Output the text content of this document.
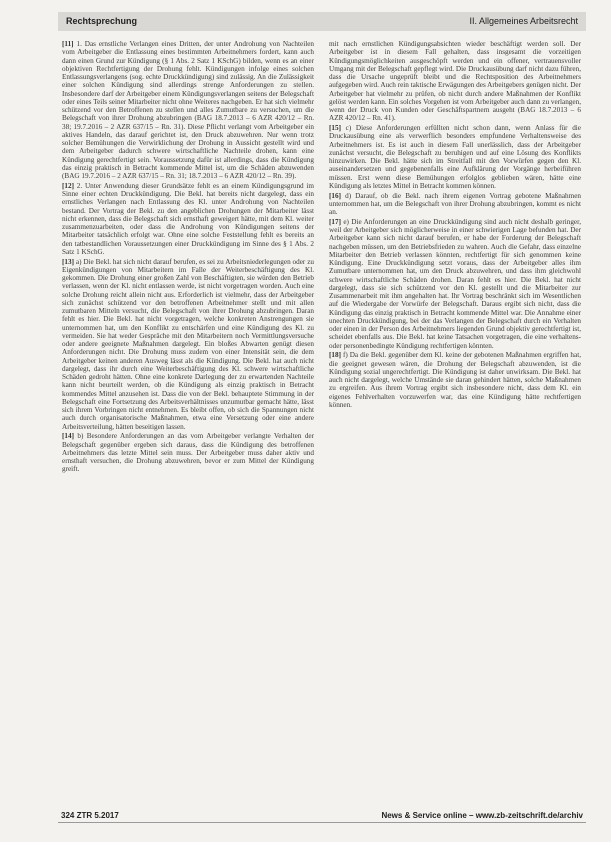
Rechtsprechung	II. Allgemeines Arbeitsrecht

[11] 1. Das ernstliche Verlangen eines Dritten, der unter Androhung von Nachteilen vom Arbeitgeber die Entlassung eines bestimmten Arbeitnehmers fordert, kann auch dann einen Grund zur Kündigung (§ 1 Abs. 2 Satz 1 KSchG) bilden, wenn es an einer objektiven Rechtfertigung der Drohung fehlt. Kündigungen infolge eines solchen Entlassungsverlangens (sog. echte Druckkündigung) sind zulässig. An die Zulässigkeit einer solchen Kündigung sind allerdings strenge Anforderungen zu stellen. Insbesondere darf der Arbeitgeber einem Kündigungsverlangen seitens der Belegschaft oder eines Teils seiner Mitarbeiter nicht ohne Weiteres nachgeben. Er hat sich vielmehr schützend vor den Betroffenen zu stellen und alles Zumutbare zu versuchen, um die Belegschaft von ihrer Drohung abzubringen (BAG 18.7.2013 – 6 AZR 420/12 – Rn. 38; 19.7.2016 – 2 AZR 637/15 – Rn. 31). Diese Pflicht verlangt vom Arbeitgeber ein aktives Handeln, das darauf gerichtet ist, den Druck abzuwehren. Nur wenn trotz solcher Bemühungen die Verwirklichung der Drohung in Aussicht gestellt wird und dem Arbeitgeber dadurch schwere wirtschaftliche Nachteile drohen, kann eine Kündigung gerechtfertigt sein. Voraussetzung dafür ist allerdings, dass die Kündigung das einzig praktisch in Betracht kommende Mittel ist, um die Schäden abzuwenden (BAG 19.7.2016 – 2 AZR 637/15 – Rn. 31; 18.7.2013 – 6 AZR 420/12 – Rn. 39).

[12] 2. Unter Anwendung dieser Grundsätze fehlt es an einem Kündigungsgrund im Sinne einer echten Druckkündigung. Die Bekl. hat bereits nicht dargelegt, dass ein ernstliches Verlangen nach Entlassung des Kl. unter Androhung von Nachteilen bestand. Der Vortrag der Bekl. zu den angeblichen Drohungen der Mitarbeiter lässt nicht erkennen, dass die Belegschaft sich ernsthaft geweigert hätte, mit dem Kl. weiter zusammenzuarbeiten, oder dass die Androhung von Kündigungen seitens der Mitarbeiter tatsächlich erfolgt war. Ohne eine solche Feststellung fehlt es bereits an den tatbestandlichen Voraussetzungen einer Druckkündigung im Sinne des § 1 Abs. 2 Satz 1 KSchG.

[13] a) Die Bekl. hat sich nicht darauf berufen, es sei zu Arbeitsniederlegungen oder zu Eigenkündigungen von Mitarbeitern im Falle der Weiterbeschäftigung des Kl. gekommen. Die Drohung einer großen Zahl von Beschäftigten, sie würden den Betrieb verlassen, wenn der Kl. nicht entlassen werde, ist nicht vorgetragen worden. Auch eine solche Drohung reicht allein nicht aus. Erforderlich ist vielmehr, dass der Arbeitgeber sich zunächst schützend vor den betroffenen Arbeitnehmer stellt und mit allen zumutbaren Mitteln versucht, die Belegschaft von ihrer Drohung abzubringen. Daran fehlt es hier. Die Bekl. hat nicht vorgetragen, welche konkreten Anstrengungen sie unternommen hat, um den Konflikt zu entschärfen und eine Kündigung des Kl. zu vermeiden. Sie hat weder Gespräche mit den Mitarbeitern noch Vermittlungsversuche oder andere geeignete Maßnahmen dargelegt. Ein bloßes Abwarten genügt diesen Anforderungen nicht. Die Drohung muss zudem von einer Intensität sein, die dem Arbeitgeber keinen anderen Ausweg lässt als die Kündigung. Die Bekl. hat auch nicht dargelegt, dass ihr durch eine Weiterbeschäftigung des Kl. schwere wirtschaftliche Schäden gedroht hätten. Ohne eine konkrete Darlegung der zu erwartenden Nachteile kann nicht beurteilt werden, ob die Kündigung als einzig praktisch in Betracht kommendes Mittel anzusehen ist. Dass die von der Bekl. behauptete Stimmung in der Belegschaft eine Fortsetzung des Arbeitsverhältnisses unzumutbar gemacht hätte, lässt sich ihrem Vorbringen nicht entnehmen. Es bleibt offen, ob sich die Spannungen nicht auch durch organisatorische Maßnahmen, etwa eine Versetzung oder eine andere Arbeitsverteilung, hätten beseitigen lassen.

[14] b) Besondere Anforderungen an das vom Arbeitgeber verlangte Verhalten der Belegschaft gegenüber ergeben sich daraus, dass die Kündigung des betroffenen Arbeitnehmers das letzte Mittel sein muss. Der Arbeitgeber muss daher aktiv und ernsthaft versuchen, die Drohung abzuwehren, bevor er zum Mittel der Kündigung greift.

mit nach ernstlichen Kündigungsabsichten wieder beschäftigt werden soll. Der Arbeitgeber ist in diesem Fall gehalten, dass insgesamt die vorzeitigen Kündigungsmöglichkeiten ausgeschöpft werden und ein offener, vertrauensvoller Umgang mit der Belegschaft gepflegt wird. Die Druckausübung darf nicht dazu führen, dass die Ursache ungeprüft bleibt und die Rechtsposition des Arbeitnehmers aufgegeben wird. Auch rein taktische Erwägungen des Arbeitgebers genügen nicht. Der Arbeitgeber hat vielmehr zu prüfen, ob nicht durch andere Maßnahmen der Konflikt gelöst werden kann. Ein solches Vorgehen ist vom Arbeitgeber auch dann zu verlangen, wenn der Druck von Kunden oder Geschäftspartnern ausgeht (BAG 18.7.2013 – 6 AZR 420/12 – Rn. 41).

[15] c) Diese Anforderungen erfüllten nicht schon dann, wenn Anlass für die Druckausübung eine als verwerflich besonders empfundene Verhaltensweise des Arbeitnehmers ist. Es ist auch in diesem Fall unerlässlich, dass der Arbeitgeber zunächst versucht, die Belegschaft zu beruhigen und auf eine Lösung des Konflikts hinzuwirken. Die Bekl. hätte sich im Streitfall mit den Vorwürfen gegen den Kl. auseinandersetzen und gegebenenfalls eine Aufklärung der Vorgänge herbeiführen müssen. Erst wenn diese Bemühungen erfolglos geblieben wären, hätte eine Kündigung als letztes Mittel in Betracht kommen können.

[16] d) Darauf, ob die Bekl. nach ihrem eigenen Vortrag gebotene Maßnahmen unternommen hat, um die Belegschaft von ihrer Drohung abzubringen, kommt es nicht an.

[17] e) Die Anforderungen an eine Druckkündigung sind auch nicht deshalb geringer, weil der Arbeitgeber sich möglicherweise in einer schwierigen Lage befunden hat. Der Arbeitgeber kann sich nicht darauf berufen, er habe der Forderung der Belegschaft nachgeben müssen, um den Betriebsfrieden zu wahren. Auch die Gefahr, dass einzelne Mitarbeiter den Betrieb verlassen könnten, rechtfertigt für sich genommen keine Kündigung. Eine Druckkündigung setzt voraus, dass der Arbeitgeber alles ihm Zumutbare unternommen hat, um den Druck abzuwehren, und dass ihm gleichwohl schwere wirtschaftliche Schäden drohen. Daran fehlt es hier. Die Bekl. hat nicht dargelegt, dass sie sich schützend vor den Kl. gestellt und die Mitarbeiter zur Zusammenarbeit mit ihm angehalten hat. Ihr Vortrag beschränkt sich im Wesentlichen auf die Wiedergabe der Vorwürfe der Belegschaft. Daraus ergibt sich nicht, dass die Kündigung das einzig praktisch in Betracht kommende Mittel war. Die Annahme einer unechten Druckkündigung, bei der das Verlangen der Belegschaft durch ein Verhalten oder einen in der Person des Arbeitnehmers liegenden Grund objektiv gerechtfertigt ist, scheidet ebenfalls aus. Die Bekl. hat keine Tatsachen vorgetragen, die eine verhaltens- oder personenbedingte Kündigung rechtfertigen könnten.

[18] f) Da die Bekl. gegenüber dem Kl. keine der gebotenen Maßnahmen ergriffen hat, die geeignet gewesen wären, die Drohung der Belegschaft abzuwenden, ist die Kündigung sozial ungerechtfertigt. Die Kündigung ist daher unwirksam. Die Bekl. hat auch nicht dargelegt, welche Umstände sie daran gehindert hätten, solche Maßnahmen zu ergreifen. Aus ihrem Vortrag ergibt sich insbesondere nicht, dass dem Kl. ein eigenes Fehlverhalten vorzuwerfen war, das eine Kündigung hätte rechtfertigen können.

324 ZTR 5.2017	News & Service online – www.zb-zeitschrift.de/archiv
